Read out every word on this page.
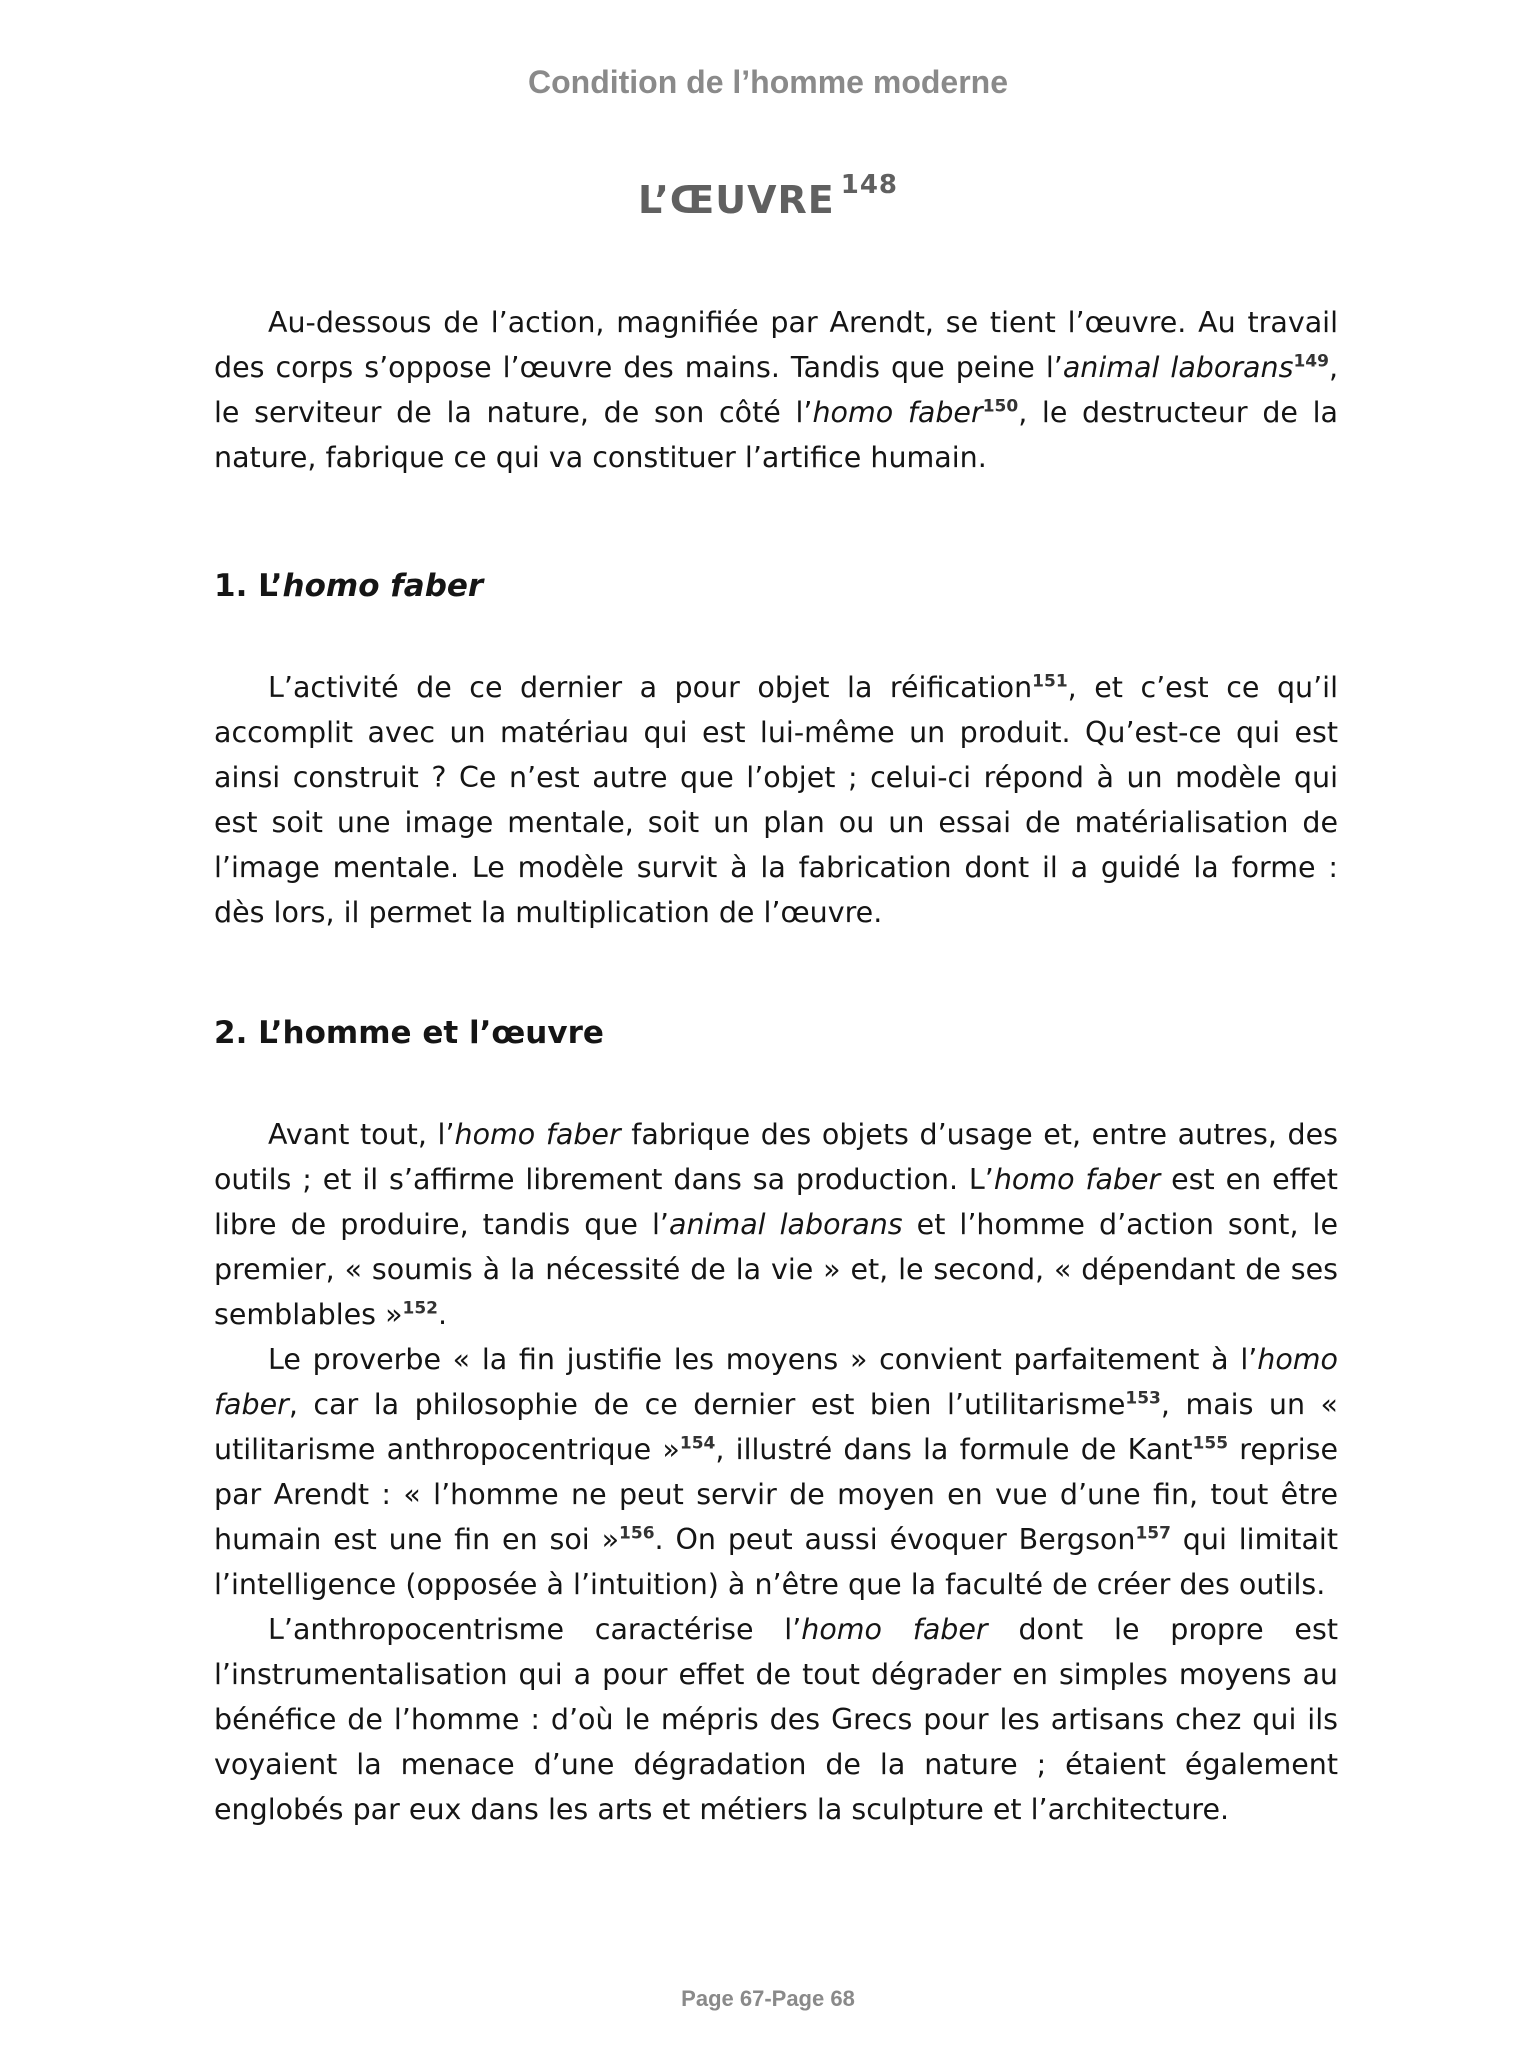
Condition de l’homme moderne
L’ŒUVRE $^{148}$

Au-dessous de l’action, magnifiée par Arendt, se tient l’œuvre. Au travail des corps s’oppose l’œuvre des mains. Tandis que peine l’animal laborans$^{149}$, le serviteur de la nature, de son côté l’homo faber$^{150}$, le destructeur de la nature, fabrique ce qui va constituer l’artifice humain.

1. L’homo faber

L’activité de ce dernier a pour objet la réification$^{151}$, et c’est ce qu’il accomplit avec un matériau qui est lui-même un produit. Qu’est-ce qui est ainsi construit ? Ce n’est autre que l’objet ; celui-ci répond à un modèle qui est soit une image mentale, soit un plan ou un essai de matérialisation de l’image mentale. Le modèle survit à la fabrication dont il a guidé la forme : dès lors, il permet la multiplication de l’œuvre.

2. L’homme et l’œuvre

Avant tout, l’homo faber fabrique des objets d’usage et, entre autres, des outils ; et il s’affirme librement dans sa production. L’homo faber est en effet libre de produire, tandis que l’animal laborans et l’homme d’action sont, le premier, « soumis à la nécessité de la vie » et, le second, « dépendant de ses semblables »$^{152}$.

Le proverbe « la fin justifie les moyens » convient parfaitement à l’homo faber, car la philosophie de ce dernier est bien l’utilitarisme$^{153}$, mais un « utilitarisme anthropocentrique »$^{154}$, illustré dans la formule de Kant$^{155}$ reprise par Arendt : « l’homme ne peut servir de moyen en vue d’une fin, tout être humain est une fin en soi »$^{156}$. On peut aussi évoquer Bergson$^{157}$ qui limitait l’intelligence (opposée à l’intuition) à n’être que la faculté de créer des outils.

L’anthropocentrisme caractérise l’homo faber dont le propre est l’instrumentalisation qui a pour effet de tout dégrader en simples moyens au bénéfice de l’homme : d’où le mépris des Grecs pour les artisans chez qui ils voyaient la menace d’une dégradation de la nature ; étaient également englobés par eux dans les arts et métiers la sculpture et l’architecture.

Page 67-Page 68
